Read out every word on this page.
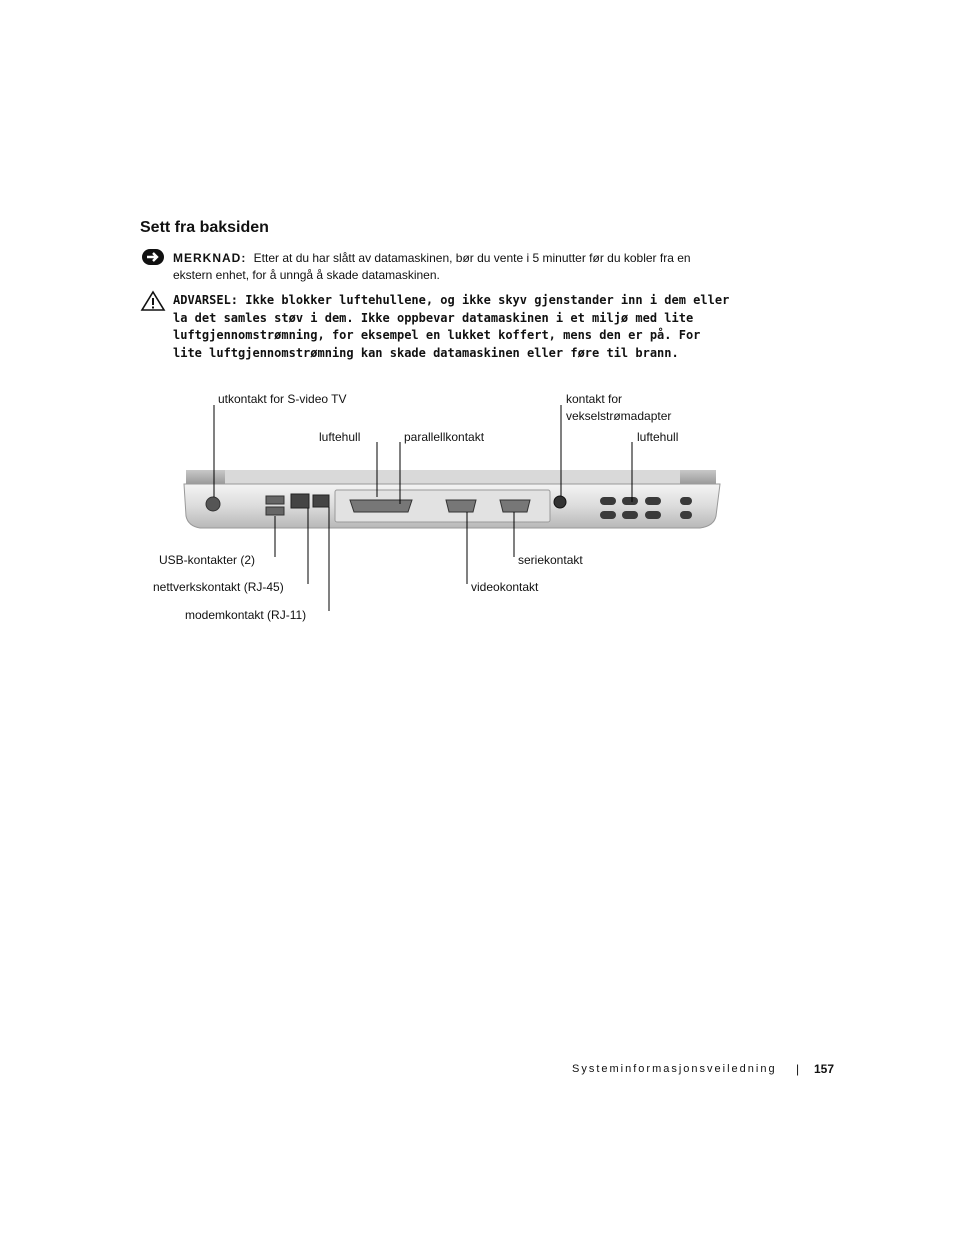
Sett fra baksiden
MERKNAD: Etter at du har slått av datamaskinen, bør du vente i 5 minutter før du kobler fra en ekstern enhet, for å unngå å skade datamaskinen.
ADVARSEL: Ikke blokker luftehullene, og ikke skyv gjenstander inn i dem eller la det samles støv i dem. Ikke oppbevar datamaskinen i et miljø med lite luftgjennomstrømning, for eksempel en lukket koffert, mens den er på. For lite luftgjennomstrømning kan skade datamaskinen eller føre til brann.
utkontakt for S-video TV
luftehull	parallellkontakt
kontakt for
vekselstrømadapter
luftehull
USB-kontakter (2)
nettverkskontakt (RJ-45)
modemkontakt (RJ-11)
seriekontakt
videokontakt
Systeminformasjonsveiledning | 157
